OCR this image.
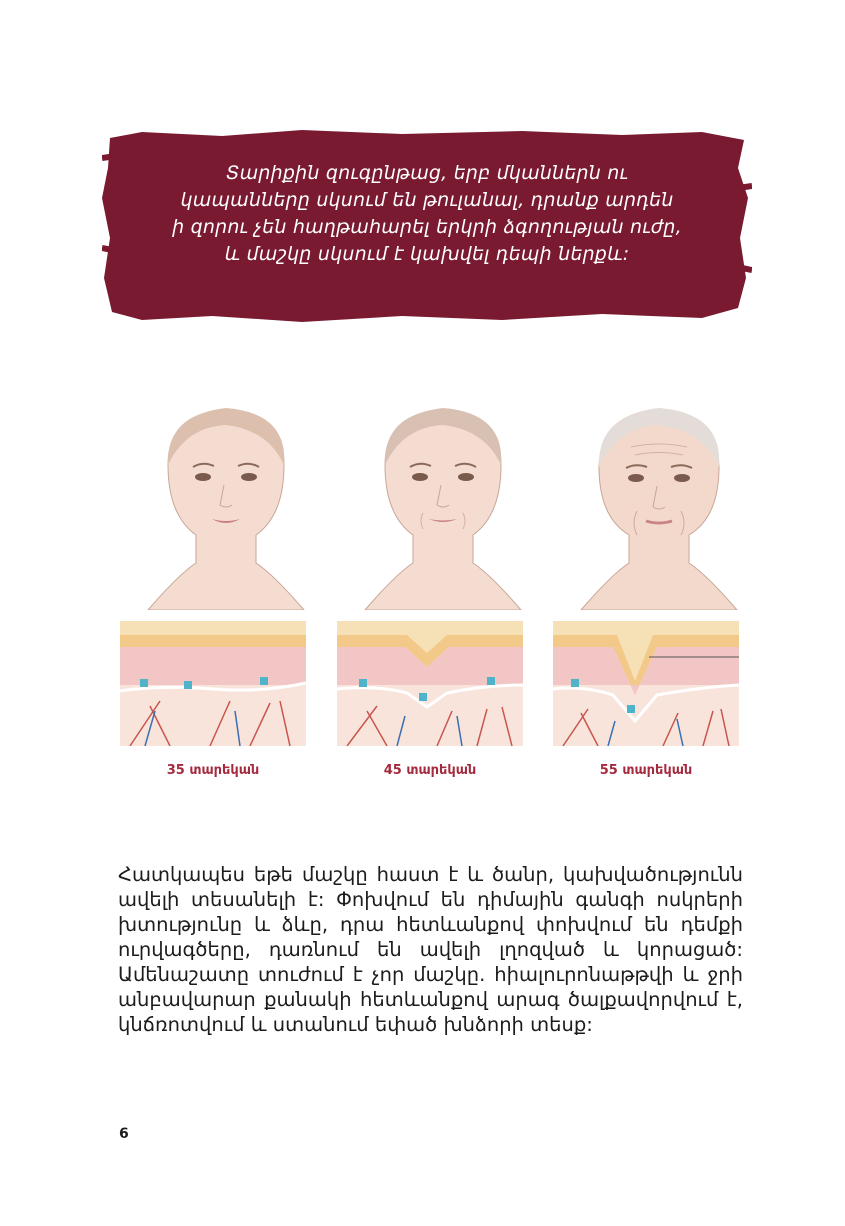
Տարիքին զուգընթաց, երբ մկաններն ու կապանները սկսում են թուլանալ, դրանք արդեն ի զորու չեն հաղթահարել երկրի ձգողության ուժը, և մաշկը սկսում է կախվել դեպի ներքև:
35 տարեկան	45 տարեկան	55 տարեկան
Հատկապես եթե մաշկը հաստ է և ծանր, կախվածությունն ավելի տեսանելի է: Փոխվում են դիմային գանգի ոսկրերի խտությունը և ձևը, դրա հետևանքով փոխվում են դեմքի ուրվագծերը, դառնում են ավելի լղոզված և կորացած: Ամենաշատը տուժում է չոր մաշկը. հիալուրոնաթթվի և ջրի անբավարար քանակի հետևանքով արագ ծալքավորվում է, կնճռոտվում և ստանում եփած խնձորի տեսք:
6
